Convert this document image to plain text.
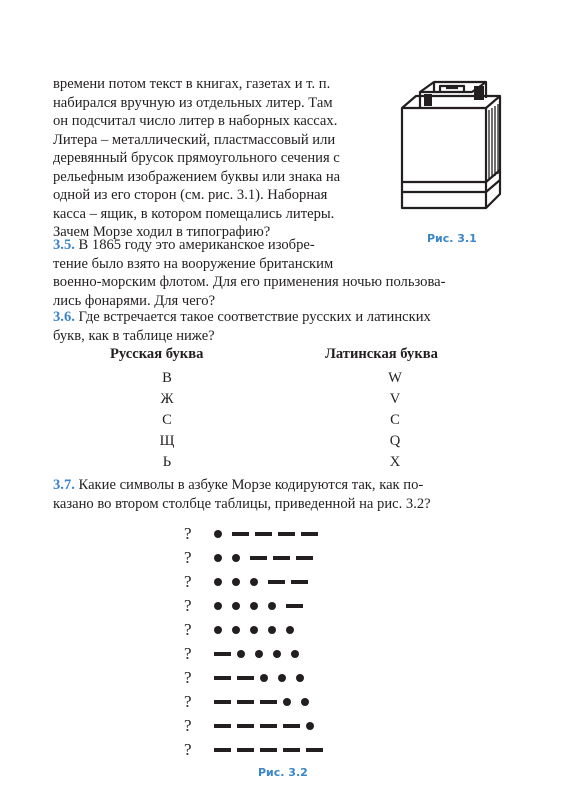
времени потом текст в книгах, газетах и т. п.
набирался вручную из отдельных литер. Там
он подсчитал число литер в наборных кассах.
Литера – металлический, пластмассовый или
деревянный брусок прямоугольного сечения с
рельефным изображением буквы или знака на
одной из его сторон (см. рис. 3.1). Наборная
касса – ящик, в котором помещались литеры.
Зачем Морзе ходил в типографию?	Рис. 3.1
3.5. В 1865 году это американское изобре-
тение было взято на вооружение британским
военно-морским флотом. Для его применения ночью пользова-
лись фонарями. Для чего?
3.6. Где встречается такое соответствие русских и латинских
букв, как в таблице ниже?
Русская буква	Латинская буква
В
Ж
С
Щ
Ь
W
V
C
Q
X
3.7. Какие символы в азбуке Морзе кодируются так, как по-
казано во втором столбце таблицы, приведенной на рис. 3.2?
?
?
?
?
?
?
?
?
?
?
Рис. 3.2
